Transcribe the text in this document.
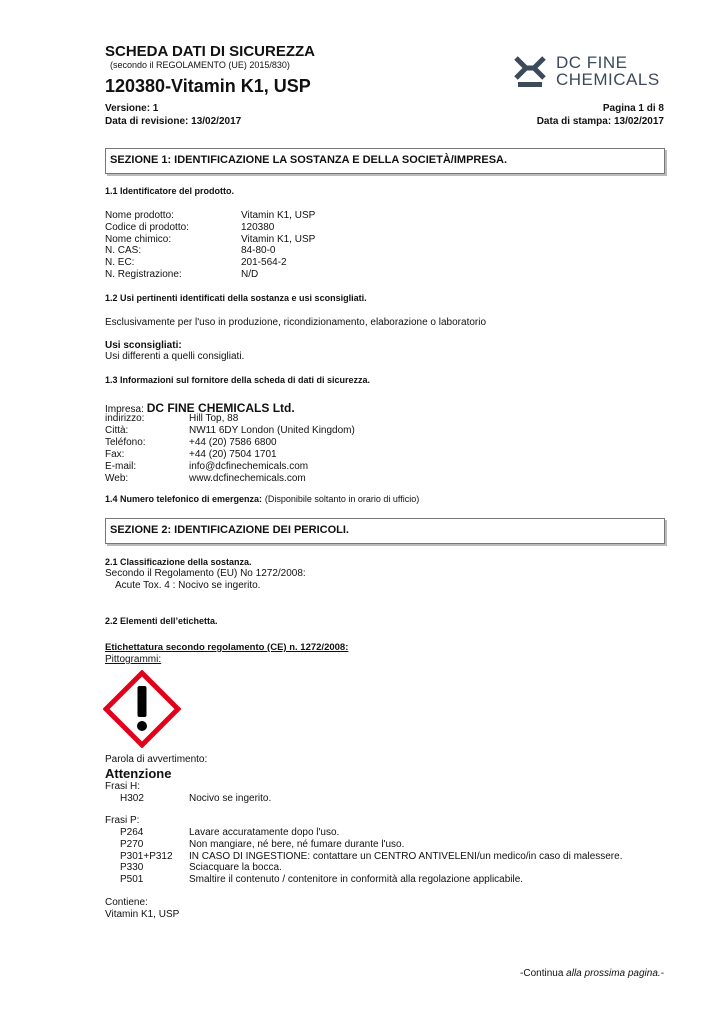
SCHEDA DATI DI SICUREZZA
(secondo il REGOLAMENTO (UE) 2015/830)
120380-Vitamin K1, USP
DC FINE
CHEMICALS
Versione: 1
Data di revisione: 13/02/2017
Pagina 1 di 8
Data di stampa: 13/02/2017
SEZIONE 1: IDENTIFICAZIONE LA SOSTANZA E DELLA SOCIETÀ/IMPRESA.
1.1 Identificatore del prodotto.
Nome prodotto:	Vitamin K1, USP
Codice di prodotto:	120380
Nome chimico:	Vitamin K1, USP
N. CAS:	84-80-0
N. EC:	201-564-2
N. Registrazione:	N/D
1.2 Usi pertinenti identificati della sostanza e usi sconsigliati.
Esclusivamente per l'uso in produzione, ricondizionamento, elaborazione o laboratorio
Usi sconsigliati:
Usi differenti a quelli consigliati.
1.3 Informazioni sul fornitore della scheda di dati di sicurezza.
Impresa: DC FINE CHEMICALS Ltd.
indirizzo:	Hill Top, 88
Città:	NW11 6DY London (United Kingdom)
Teléfono:	+44 (20) 7586 6800
Fax:	+44 (20) 7504 1701
E-mail:	info@dcfinechemicals.com
Web:	www.dcfinechemicals.com
1.4 Numero telefonico di emergenza: (Disponibile soltanto in orario di ufficio)
SEZIONE 2: IDENTIFICAZIONE DEI PERICOLI.
2.1 Classificazione della sostanza.
Secondo il Regolamento (EU) No 1272/2008:
Acute Tox. 4 : Nocivo se ingerito.
2.2 Elementi dell’etichetta.
Etichettatura secondo regolamento (CE) n. 1272/2008:
Pittogrammi:
Parola di avvertimento:
Attenzione
Frasi H:
H302	Nocivo se ingerito.
Frasi P:
P264	Lavare accuratamente dopo l'uso.
P270	Non mangiare, né bere, né fumare durante l'uso.
P301+P312 IN CASO DI INGESTIONE: contattare un CENTRO ANTIVELENI/un medico/in caso di malessere.
P330	Sciacquare la bocca.
P501	Smaltire il contenuto / contenitore in conformità alla regolazione applicabile.
Contiene:
Vitamin K1, USP
-Continua alla prossima pagina.-
